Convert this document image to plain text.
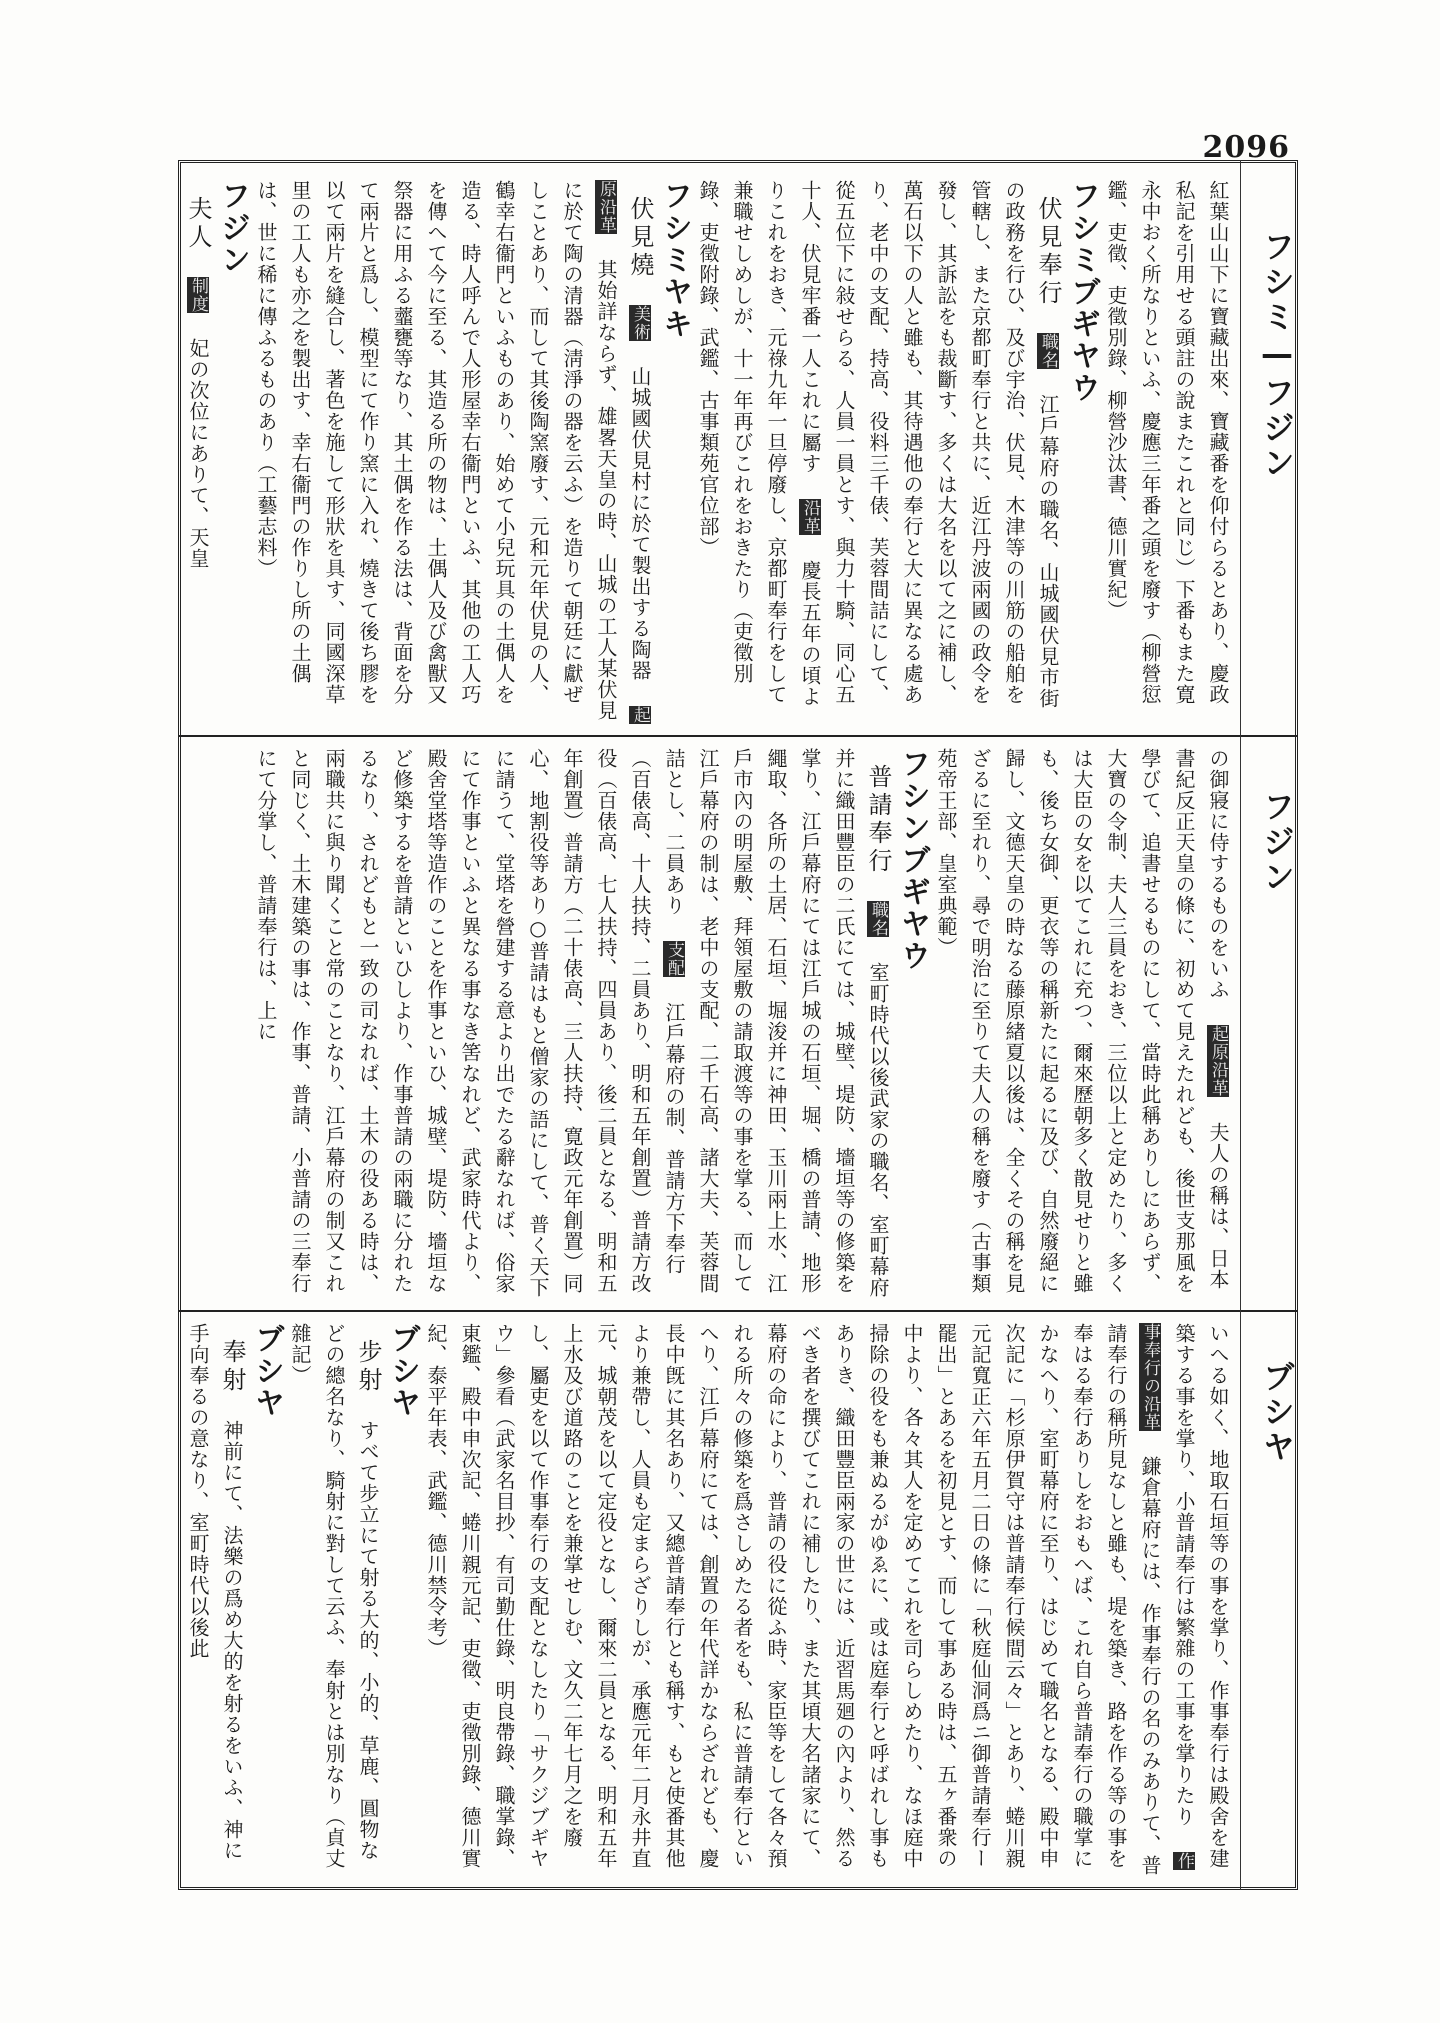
2096
フシミ—フジン
フジン
ブシヤ
紅葉山山下に寶藏出來、寶藏番を仰付らるとあり、慶政私記を引用せる頭註の說またこれと同じ）下番もまた寛永中おく所なりといふ、慶應三年番之頭を廢す（柳營愆鑑、吏徵、吏徵別錄、柳營沙汰書、德川實紀）

フシミブギヤウ

伏見奉行 職名 江戶幕府の職名、山城國伏見市街の政務を行ひ、及び宇治、伏見、木津等の川筋の船舶を管轄し、また京都町奉行と共に、近江丹波兩國の政令を發し、其訴訟をも裁斷す、多くは大名を以て之に補し、萬石以下の人と雖も、其待遇他の奉行と大に異なる處あり、老中の支配、持高、役料三千俵、芙蓉間詰にして、從五位下に敍せらる、人員一員とす、與力十騎、同心五十人、伏見牢番一人これに屬す 沿革 慶長五年の頃よりこれをおき、元祿九年一旦停廢し、京都町奉行をして兼職せしめしが、十一年再びこれをおきたり（吏徵別錄、吏徵附錄、武鑑、古事類苑官位部）

フシミヤキ

伏見燒 美術 山城國伏見村に於て製出する陶器 起原沿革 其始詳ならず、雄畧天皇の時、山城の工人某伏見に於て陶の清器（淸淨の器を云ふ）を造りて朝廷に獻ぜしことあり、而して其後陶窯廢す、元和元年伏見の人、鶴幸右衞門といふものあり、始めて小兒玩具の土偶人を造る、時人呼んで人形屋幸右衞門といふ、其他の工人巧を傳へて今に至る、其造る所の物は、土偶人及び禽獸又祭器に用ふる虀甕等なり、其土偶を作る法は、背面を分て兩片と爲し、模型にて作り窯に入れ、燒きて後ち膠を以て兩片を縫合し、著色を施して形狀を具す、同國深草里の工人も亦之を製出す、幸右衞門の作りし所の土偶は、世に稀に傳ふるものあり（工藝志料）

フジン

夫人 制度 妃の次位にありて、天皇
の御寢に侍するものをいふ 起原沿革 夫人の稱は、日本書紀反正天皇の條に、初めて見えたれども、後世支那風を學びて、追書せるものにして、當時此稱ありしにあらず、大寶の令制、夫人三員をおき、三位以上と定めたり、多くは大臣の女を以てこれに充つ、爾來歷朝多く散見せりと雖も、後ち女御、更衣等の稱新たに起るに及び、自然廢絕に歸し、文德天皇の時なる藤原緖夏以後は、全くその稱を見ざるに至れり、尋で明治に至りて夫人の稱を廢す（古事類苑帝王部、皇室典範）

フシンブギヤウ

普請奉行 職名 室町時代以後武家の職名、室町幕府并に織田豐臣の二氏にては、城壁、堤防、墻垣等の修築を掌り、江戶幕府にては江戶城の石垣、堀、橋の普請、地形繩取、各所の土居、石垣、堀浚并に神田、玉川兩上水、江戶市內の明屋敷、拜領屋敷の請取渡等の事を掌る、而して江戶幕府の制は、老中の支配、二千石高、諸大夫、芙蓉間詰とし、二員あり 支配 江戶幕府の制、普請方下奉行（百俵高、十人扶持、二員あり、明和五年創置）普請方改役（百俵高、七人扶持、四員あり、後二員となる、明和五年創置）普請方（二十俵高、三人扶持、寛政元年創置）同心、地割役等あり○普請はもと僧家の語にして、普く天下に請うて、堂塔を營建する意より出でたる辭なれば、俗家にて作事といふと異なる事なき筈なれど、武家時代より、殿舍堂塔等造作のことを作事といひ、城壁、堤防、墻垣など修築するを普請といひしより、作事普請の兩職に分れたるなり、されどもと一致の司なれば、土木の役ある時は、兩職共に與り聞くこと常のことなり、江戶幕府の制又これと同じく、土木建築の事は、作事、普請、小普請の三奉行にて分掌し、普請奉行は、上に
いへる如く、地取石垣等の事を掌り、作事奉行は殿舍を建築する事を掌り、小普請奉行は繁雜の工事を掌りたり 作事奉行の沿革 鎌倉幕府には、作事奉行の名のみありて、普請奉行の稱所見なしと雖も、堤を築き、路を作る等の事を奉はる奉行ありしをおもへば、これ自ら普請奉行の職掌にかなへり、室町幕府に至り、はじめて職名となる、殿中申次記に「杉原伊賀守は普請奉行候間云々」とあり、蜷川親元記寬正六年五月二日の條に「秋庭仙洞爲ニ御普請奉行ー罷出」とあるを初見とす、而して事ある時は、五ヶ番衆の中より、各々其人を定めてこれを司らしめたり、なほ庭中掃除の役をも兼ぬるがゆゑに、或は庭奉行と呼ばれし事もありき、織田豐臣兩家の世には、近習馬廻の內より、然るべき者を撰びてこれに補したり、また其頃大名諸家にて、幕府の命により、普請の役に從ふ時、家臣等をして各々預れる所々の修築を爲さしめたる者をも、私に普請奉行といへり、江戶幕府にては、創置の年代詳かならざれども、慶長中旣に其名あり、又總普請奉行とも稱す、もと使番其他より兼帶し、人員も定まらざりしが、承應元年二月永井直元、城朝茂を以て定役となし、爾來二員となる、明和五年上水及び道路のことを兼掌せしむ、文久二年七月之を廢し、屬吏を以て作事奉行の支配となしたり「サクジブギヤウ」參看（武家名目抄、有司勤仕錄、明良帶錄、職掌錄、東鑑、殿中申次記、蜷川親元記、吏徵、吏徵別錄、德川實紀、泰平年表、武鑑、德川禁令考）

ブシヤ

步射 すべて步立にて射る大的、小的、草鹿、圓物などの總名なり、騎射に對して云ふ、奉射とは別なり（貞丈雜記）

ブシヤ

奉射 神前にて、法樂の爲め大的を射るをいふ、神に手向奉るの意なり、室町時代以後此
